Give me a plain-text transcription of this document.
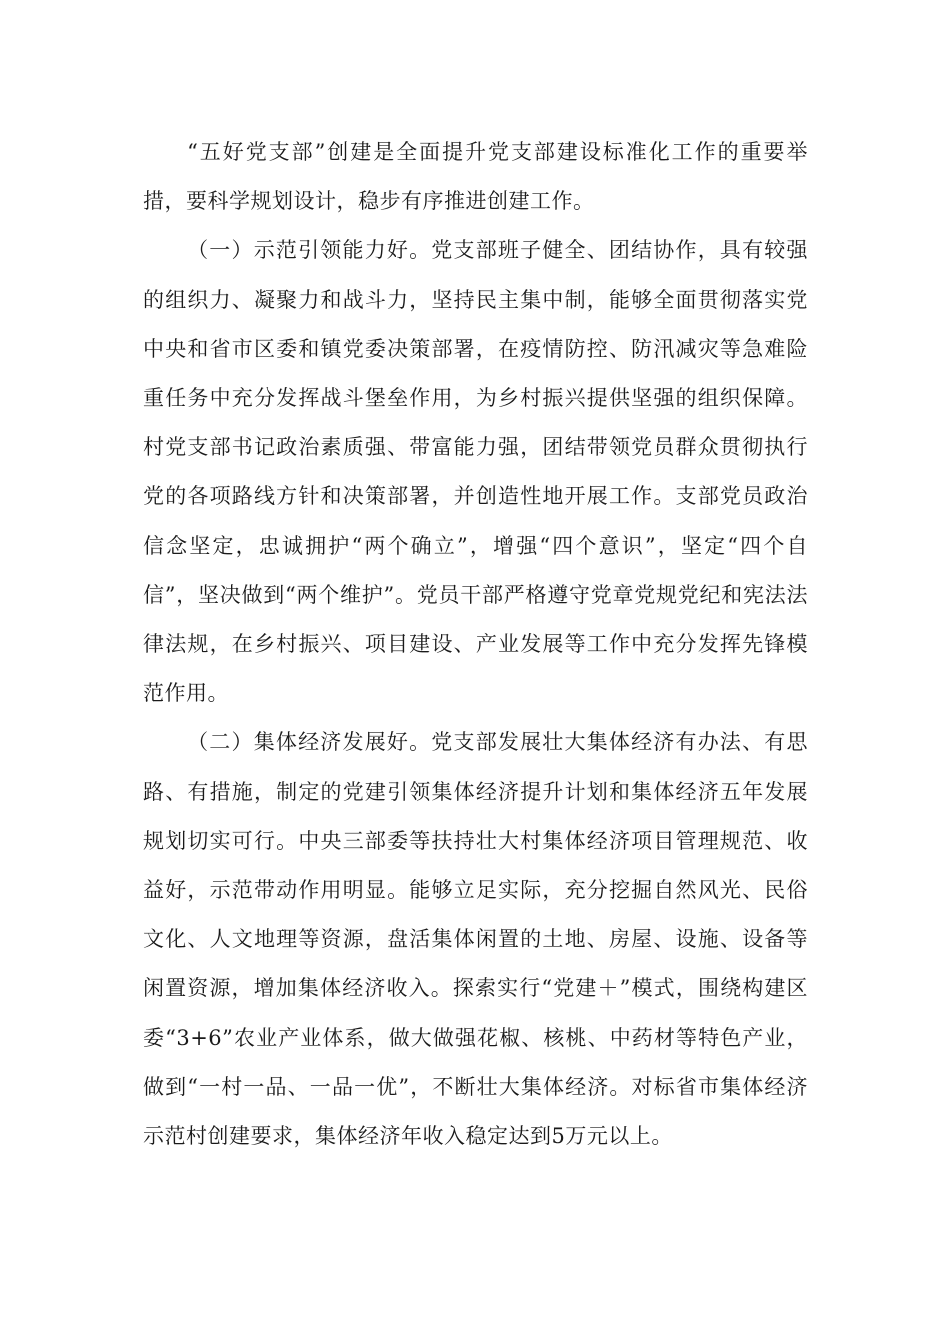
“五好党支部”创建是全面提升党支部建设标准化工作的重要举措，要科学规划设计，稳步有序推进创建工作。

（一）示范引领能力好。党支部班子健全、团结协作，具有较强的组织力、凝聚力和战斗力，坚持民主集中制，能够全面贯彻落实党中央和省市区委和镇党委决策部署，在疫情防控、防汛减灾等急难险重任务中充分发挥战斗堡垒作用，为乡村振兴提供坚强的组织保障。村党支部书记政治素质强、带富能力强，团结带领党员群众贯彻执行党的各项路线方针和决策部署，并创造性地开展工作。支部党员政治信念坚定，忠诚拥护“两个确立”，增强“四个意识”，坚定“四个自信”，坚决做到“两个维护”。党员干部严格遵守党章党规党纪和宪法法律法规，在乡村振兴、项目建设、产业发展等工作中充分发挥先锋模范作用。

（二）集体经济发展好。党支部发展壮大集体经济有办法、有思路、有措施，制定的党建引领集体经济提升计划和集体经济五年发展规划切实可行。中央三部委等扶持壮大村集体经济项目管理规范、收益好，示范带动作用明显。能够立足实际，充分挖掘自然风光、民俗文化、人文地理等资源，盘活集体闲置的土地、房屋、设施、设备等闲置资源，增加集体经济收入。探索实行“党建＋”模式，围绕构建区委“3+6”农业产业体系，做大做强花椒、核桃、中药材等特色产业，做到“一村一品、一品一优”，不断壮大集体经济。对标省市集体经济示范村创建要求，集体经济年收入稳定达到5万元以上。
